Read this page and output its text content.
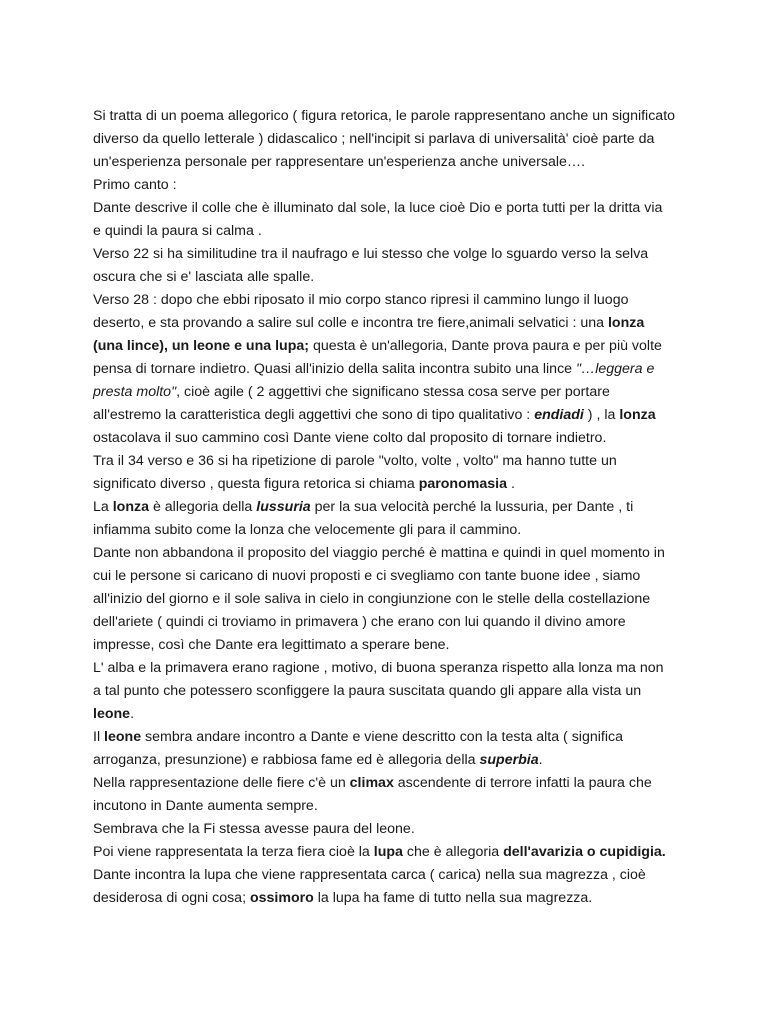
Si tratta di un poema allegorico ( figura retorica, le parole rappresentano anche un significato
diverso da quello letterale ) didascalico ; nell'incipit si parlava di universalità' cioè parte da
un'esperienza personale per rappresentare un'esperienza anche universale….
Primo canto :
Dante descrive il colle che è illuminato dal sole, la luce cioè Dio e porta tutti per la dritta via
e quindi la paura si calma .
Verso 22 si ha similitudine tra il naufrago e lui stesso che volge lo sguardo verso la selva
oscura che si e' lasciata alle spalle.
Verso 28 : dopo che ebbi riposato il mio corpo stanco ripresi il cammino lungo il luogo
deserto, e sta provando a salire sul colle e incontra tre fiere,animali selvatici : una lonza
(una lince), un leone e una lupa; questa è un'allegoria, Dante prova paura e per più volte
pensa di tornare indietro. Quasi all'inizio della salita incontra subito una lince "…leggera e
presta molto", cioè agile ( 2 aggettivi che significano stessa cosa serve per portare
all'estremo la caratteristica degli aggettivi che sono di tipo qualitativo : endiadi ) , la lonza
ostacolava il suo cammino così Dante viene colto dal proposito di tornare indietro.
Tra il 34 verso e 36 si ha ripetizione di parole "volto, volte , volto" ma hanno tutte un
significato diverso , questa figura retorica si chiama paronomasia .
La lonza è allegoria della lussuria per la sua velocità perché la lussuria, per Dante , ti
infiamma subito come la lonza che velocemente gli para il cammino.
Dante non abbandona il proposito del viaggio perché è mattina e quindi in quel momento in
cui le persone si caricano di nuovi proposti e ci svegliamo con tante buone idee , siamo
all'inizio del giorno e il sole saliva in cielo in congiunzione con le stelle della costellazione
dell'ariete ( quindi ci troviamo in primavera ) che erano con lui quando il divino amore
impresse, così che Dante era legittimato a sperare bene.
L' alba e la primavera erano ragione , motivo, di buona speranza rispetto alla lonza ma non
a tal punto che potessero sconfiggere la paura suscitata quando gli appare alla vista un
leone.
Il leone sembra andare incontro a Dante e viene descritto con la testa alta ( significa
arroganza, presunzione) e rabbiosa fame ed è allegoria della superbia.
Nella rappresentazione delle fiere c'è un climax ascendente di terrore infatti la paura che
incutono in Dante aumenta sempre.
Sembrava che la Fi stessa avesse paura del leone.
Poi viene rappresentata la terza fiera cioè la lupa che è allegoria dell'avarizia o cupidigia.
Dante incontra la lupa che viene rappresentata carca ( carica) nella sua magrezza , cioè
desiderosa di ogni cosa; ossimoro la lupa ha fame di tutto nella sua magrezza.
